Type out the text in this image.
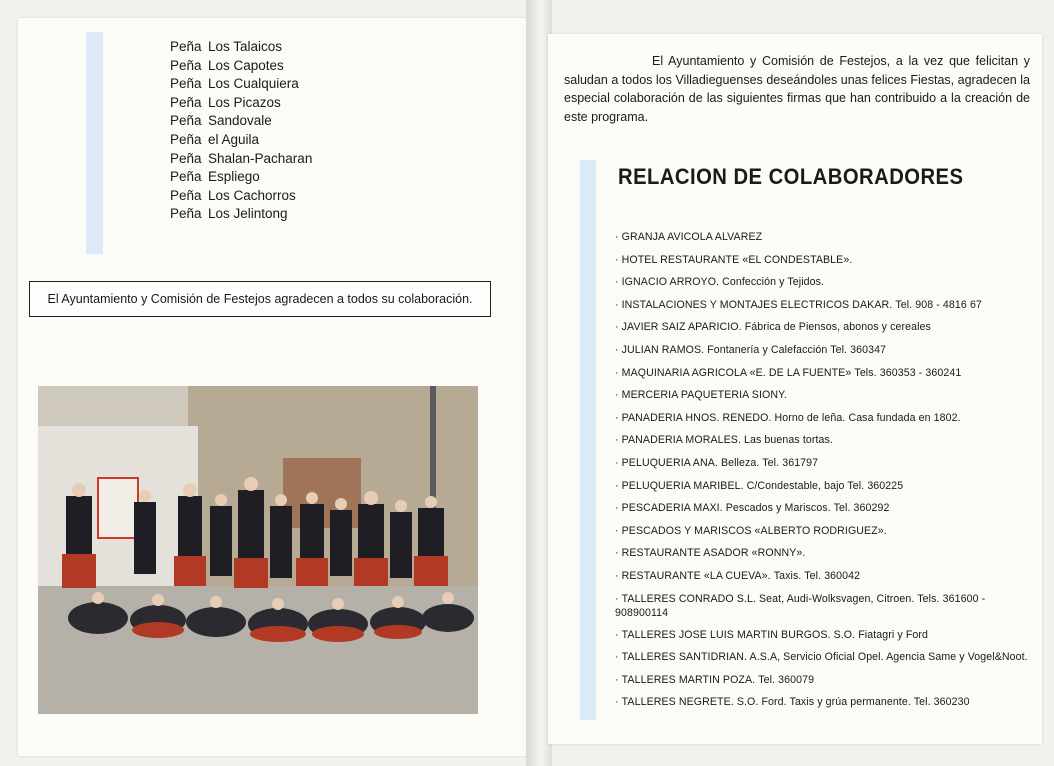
Peña Los Talaicos
Peña Los Capotes
Peña Los Cualquiera
Peña Los Picazos
Peña Sandovale
Peña el Aguila
Peña Shalan-Pacharan
Peña Espliego
Peña Los Cachorros
Peña Los Jelintong
El Ayuntamiento y Comisión de Festejos agradecen a todos su colaboración.

El Ayuntamiento y Comisión de Festejos, a la vez que felicitan y saludan a todos los Villadieguenses deseándoles unas felices Fiestas, agradecen la especial colaboración de las siguientes firmas que han contribuido a la creación de este programa.

RELACION DE COLABORADORES
· GRANJA AVICOLA ALVAREZ
· HOTEL RESTAURANTE «EL CONDESTABLE».
· IGNACIO ARROYO. Confección y Tejidos.
· INSTALACIONES Y MONTAJES ELECTRICOS DAKAR. Tel. 908 - 4816 67
· JAVIER SAIZ APARICIO. Fábrica de Piensos, abonos y cereales
· JULIAN RAMOS. Fontanería y Calefacción Tel. 360347
· MAQUINARIA AGRICOLA «E. DE LA FUENTE» Tels. 360353 - 360241
· MERCERIA PAQUETERIA SIONY.
· PANADERIA HNOS. RENEDO. Horno de leña. Casa fundada en 1802.
· PANADERIA MORALES. Las buenas tortas.
· PELUQUERIA ANA. Belleza. Tel. 361797
· PELUQUERIA MARIBEL. C/Condestable, bajo Tel. 360225
· PESCADERIA MAXI. Pescados y Mariscos. Tel. 360292
· PESCADOS Y MARISCOS «ALBERTO RODRIGUEZ».
· RESTAURANTE ASADOR «RONNY».
· RESTAURANTE «LA CUEVA». Taxis. Tel. 360042
· TALLERES CONRADO S.L. Seat, Audi-Wolksvagen, Citroen. Tels. 361600 - 908900114
· TALLERES JOSE LUIS MARTIN BURGOS. S.O. Fiatagri y Ford
· TALLERES SANTIDRIAN. A.S.A, Servicio Oficial Opel. Agencia Same y Vogel&Noot.
· TALLERES MARTIN POZA. Tel. 360079
· TALLERES NEGRETE. S.O. Ford. Taxis y grúa permanente. Tel. 360230
